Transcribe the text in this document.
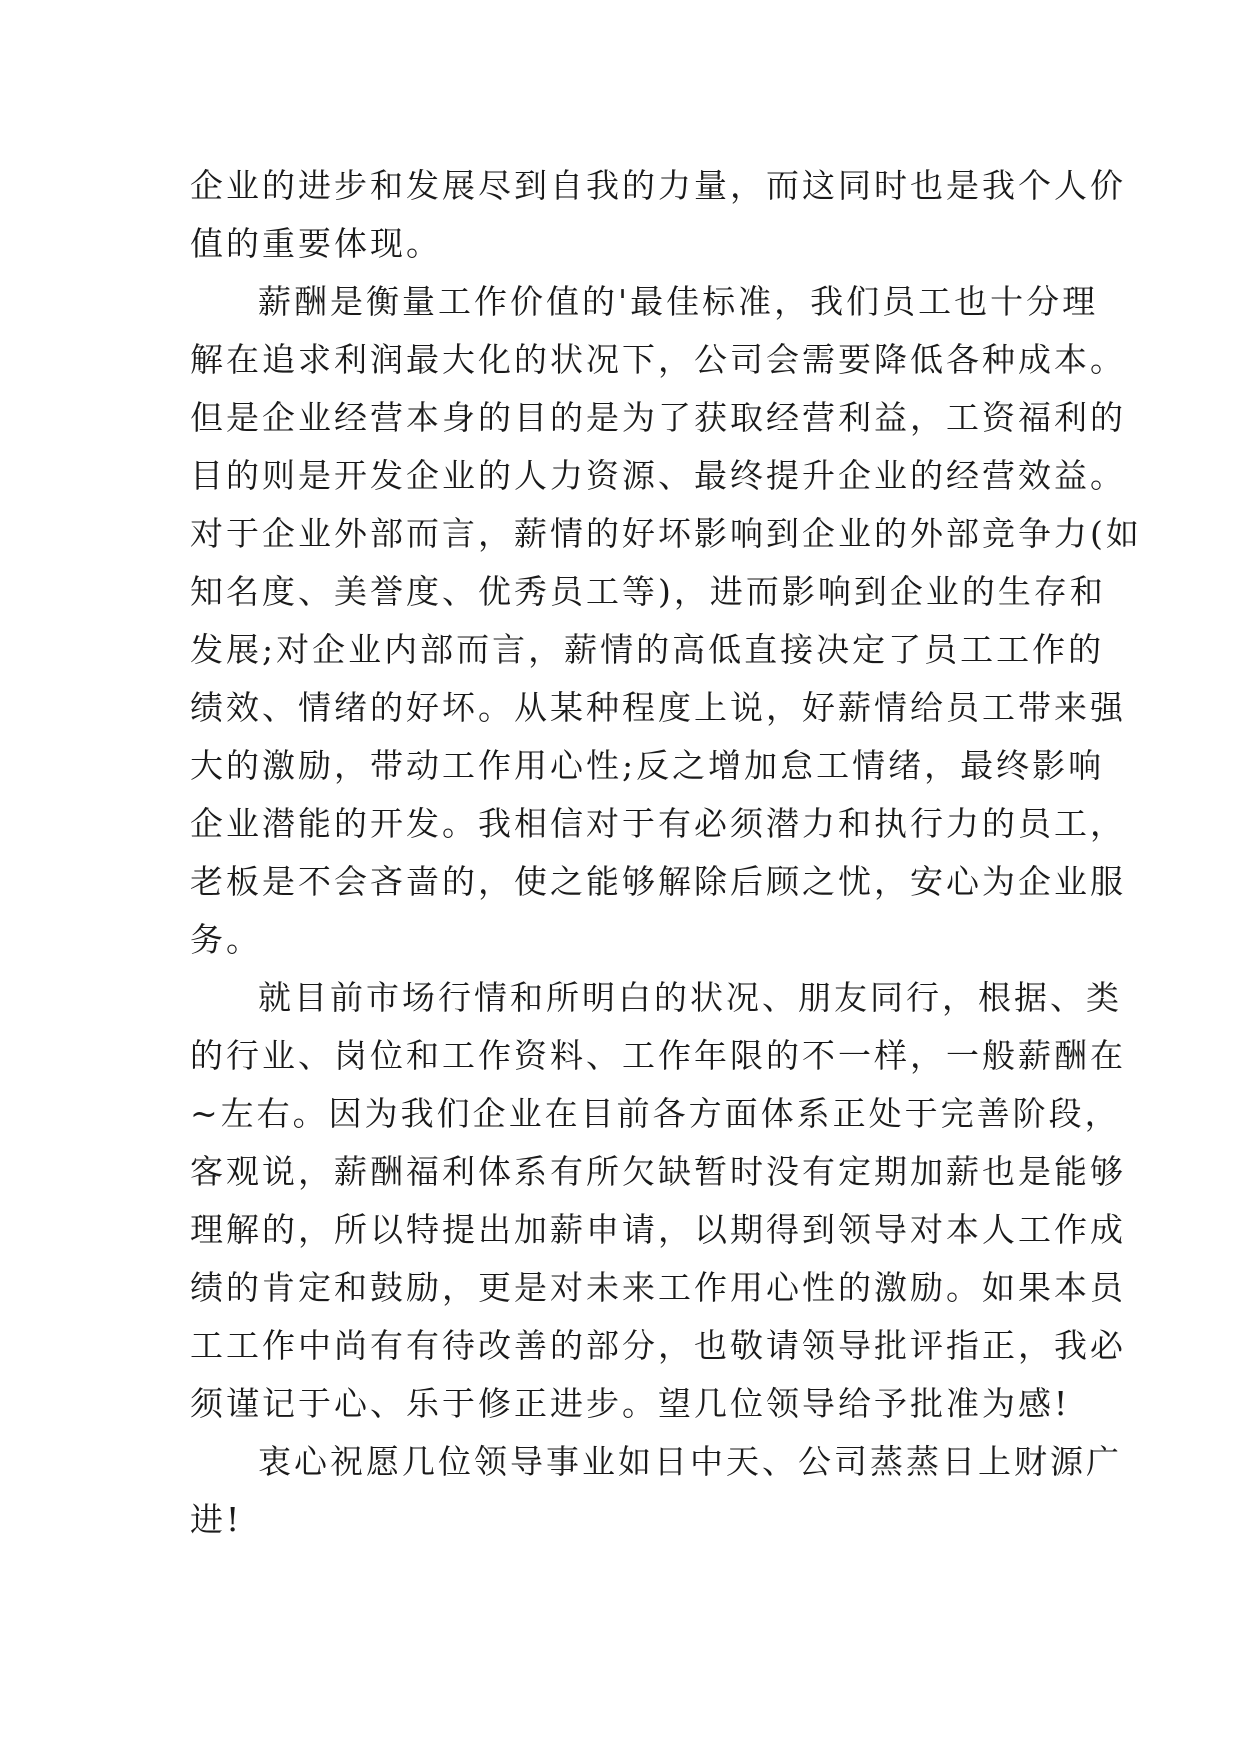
企业的进步和发展尽到自我的力量，而这同时也是我个人价
值的重要体现。
薪酬是衡量工作价值的'最佳标准，我们员工也十分理
解在追求利润最大化的状况下，公司会需要降低各种成本。
但是企业经营本身的目的是为了获取经营利益，工资福利的
目的则是开发企业的人力资源、最终提升企业的经营效益。
对于企业外部而言，薪情的好坏影响到企业的外部竞争力(如
知名度、美誉度、优秀员工等)，进而影响到企业的生存和
发展;对企业内部而言，薪情的高低直接决定了员工工作的
绩效、情绪的好坏。从某种程度上说，好薪情给员工带来强
大的激励，带动工作用心性;反之增加怠工情绪，最终影响
企业潜能的开发。我相信对于有必须潜力和执行力的员工，
老板是不会吝啬的，使之能够解除后顾之忧，安心为企业服
务。
就目前市场行情和所明白的状况、朋友同行，根据、类
的行业、岗位和工作资料、工作年限的不一样，一般薪酬在
~左右。因为我们企业在目前各方面体系正处于完善阶段，
客观说，薪酬福利体系有所欠缺暂时没有定期加薪也是能够
理解的，所以特提出加薪申请，以期得到领导对本人工作成
绩的肯定和鼓励，更是对未来工作用心性的激励。如果本员
工工作中尚有有待改善的部分，也敬请领导批评指正，我必
须谨记于心、乐于修正进步。望几位领导给予批准为感!
衷心祝愿几位领导事业如日中天、公司蒸蒸日上财源广
进!
